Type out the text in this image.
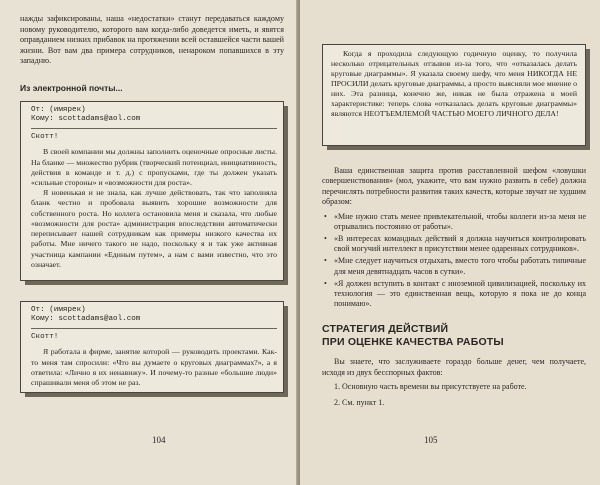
нажды зафиксированы, наша «недостатки» станут передаваться каждому новому руководителю, которого вам когда-либо доведется иметь, и явятся оправданием низких прибавок на протяжении всей оставшейся части вашей жизни. Вот вам два примера сотрудников, ненароком попавшихся в эту западню.

Из электронной почты...
От: (имярек)
Кому: scottadams@aol.com
Скотт!

В своей компании мы должны заполнить оценочные опросные листы. На бланке — множество рубрик (творческий потенциал, инициативность, действия в команде и т. д.) с пропусками, где ты должен указать «сильные стороны» и «возможности для роста».

Я новенькая и не знала, как лучше действовать, так что заполняла бланк честно и пробовала выявить хорошие возможности для собственного роста. Но коллега остановила меня и сказала, что любые «возможности для роста» администрация впоследствии автоматически переписывает нашей сотрудникам как примеры низкого качества их работы. Мне ничего такого не надо, поскольку я и так уже активная участница кампании «Единым путем», а нам с вами известно, что это означает.

От: (имярек)
Кому: scottadams@aol.com
Скотт!

Я работала в фирме, занятие которой — руководить проектами. Как-то меня там спросили: «Что вы думаете о круговых диаграммах?», а я ответила: «Лично я их ненавижу». И почему-то разные «большие люди» спрашивали меня об этом не раз.

104

Когда я проходила следующую годичную оценку, то получила несколько отрицательных отзывов из-за того, что «отказалась делать круговые диаграммы». Я указала своему шефу, что меня НИКОГДА НЕ ПРОСИЛИ делать круговые диаграммы, а просто выясняли мое мнение о них. Эта разница, конечно же, никак не была отражена в моей характеристике: теперь слова «отказалась делать круговые диаграммы» являются НЕОТЪЕМЛЕМОЙ ЧАСТЬЮ МОЕГО ЛИЧНОГО ДЕЛА!

Ваша единственная защита против расставленной шефом «ловушки совершенствования» (мол, укажите, что вам нужно развить в себе) должна перечислять потребности развития таких качеств, которые звучат не худшим образом:

• «Мне нужно стать менее привлекательной, чтобы коллеги из-за меня не отрывались постоянно от работы».
• «В интересах командных действий я должна научиться контролировать свой могучий интеллект в присутствии менее одаренных сотрудников».
• «Мне следует научиться отдыхать, вместо того чтобы работать типичные для меня девятнадцать часов в сутки».
• «Я должен вступить в контакт с иноземной цивилизацией, поскольку их технология — это единственная вещь, которую я пока не до конца понимаю».
СТРАТЕГИЯ ДЕЙСТВИЙ
ПРИ ОЦЕНКЕ КАЧЕСТВА РАБОТЫ

Вы знаете, что заслуживаете гораздо больше денег, чем получаете, исходя из двух бесспорных фактов:

1. Основную часть времени вы присутствуете на работе.
2. См. пункт 1.
105
